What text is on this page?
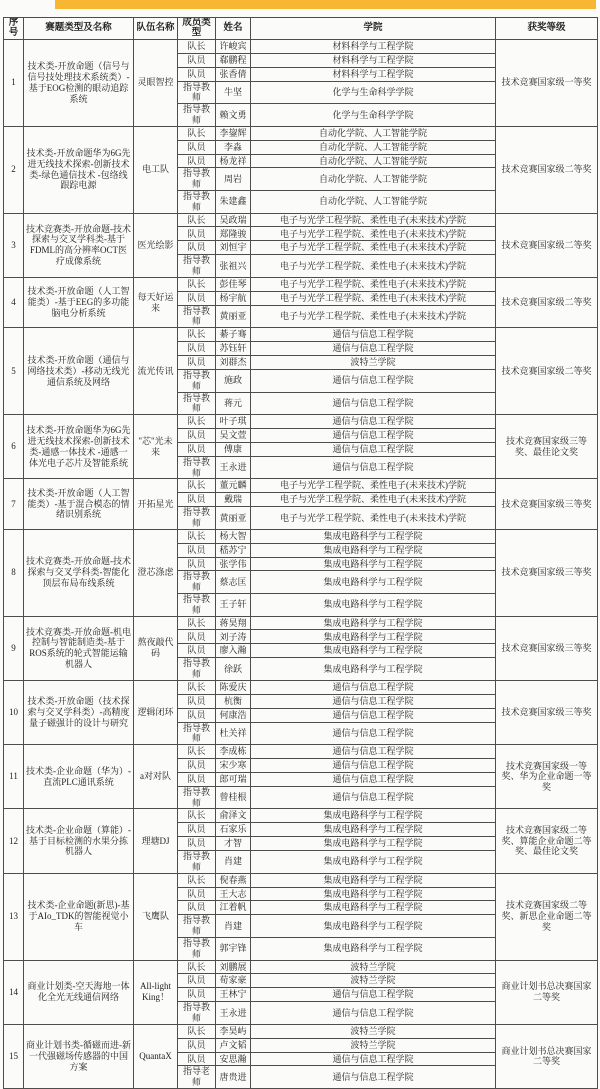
序号	赛题类型及名称	队伍名称	成员类型	姓名	学院	获奖等级
1	技术类-开放命题（信号与信号技处理技术系统类）-基于EOG检测的眼动追踪系统	灵眼智控	队长	许峻宾	材料科学与工程学院	技术竞赛国家级一等奖
			队员	郗鹏程	材料科学与工程学院	
			队员	张香倩	材料科学与工程学院	
			指导教师	牛坚	化学与生命科学学院	
			指导教师	赖文勇	化学与生命科学学院	
2	技术类-开放命题华为6G先进无线技术探索-创新技术类-绿色通信技术 -包络线跟踪电源	电工队	队长	李鋆辉	自动化学院、人工智能学院	技术竞赛国家级二等奖
			队员	李淼	自动化学院、人工智能学院	
			队员	杨龙祥	自动化学院、人工智能学院	
			指导教师	周岩	自动化学院、人工智能学院	
			指导教师	朱建鑫	自动化学院、人工智能学院	
3	技术竞赛类-开放命题-技术探索与交叉学科类-基于FDML的高分辨率OCT医疗成像系统	医光绘影	队长	吴政瑞	电子与光学工程学院、柔性电子(未来技术)学院	技术竞赛国家级二等奖
			队员	郑隆骏	电子与光学工程学院、柔性电子(未来技术)学院	
			队员	刘恒宇	电子与光学工程学院、柔性电子(未来技术)学院	
			指导教师	张祖兴	电子与光学工程学院、柔性电子(未来技术)学院	
4	技术类-开放命题（人工智能类）-基于EEG的多功能脑电分析系统	每天好运来	队长	彭佳琴	电子与光学工程学院、柔性电子(未来技术)学院	技术竞赛国家级二等奖
			队员	杨宇航	电子与光学工程学院、柔性电子(未来技术)学院	
			指导教师	黄丽亚	电子与光学工程学院、柔性电子(未来技术)学院	
5	技术类-开放命题（通信与网络技术类）-移动无线光通信系统及网络	流光传讯	队长	綦子骞	通信与信息工程学院	技术竞赛国家级二等奖
			队员	苏钰轩	通信与信息工程学院	
			队员	刘群杰	波特兰学院	
			指导教师	施政	通信与信息工程学院	
			指导教师	蒋元	通信与信息工程学院	
6	技术类-开放命题华为6G先进无线技术探索-创新技术类-通感一体技术 -通感一体光电子芯片及智能系统	"芯"光未来	队长	叶子琪	通信与信息工程学院	技术竞赛国家级三等奖、最佳论文奖
			队员	吴文萱	通信与信息工程学院	
			队员	傅康	通信与信息工程学院	
			指导教师	王永进	通信与信息工程学院	
7	技术类-开放命题（人工智能类）-基于混合模态的情绪识别系统	开拓星光	队长	董元麟	电子与光学工程学院、柔性电子(未来技术)学院	技术竞赛国家级三等奖
			队员	戴瑞	电子与光学工程学院、柔性电子(未来技术)学院	
			指导教师	黄丽亚	电子与光学工程学院、柔性电子(未来技术)学院	
8	技术竞赛类-开放命题-技术探索与交叉学科类-智能化顶层布局布线系统	澄芯涤虑	队长	杨大智	集成电路科学与工程学院	技术竞赛国家级三等奖
			队员	嵇苏宁	集成电路科学与工程学院	
			队员	张学伟	集成电路科学与工程学院	
			指导教师	蔡志匡	集成电路科学与工程学院	
			指导教师	王子轩	集成电路科学与工程学院	
9	技术竞赛类-开放命题-机电控制与智能制造类-基于ROS系统的轮式智能运输机器人	熬夜敲代码	队长	蒋昊翔	集成电路科学与工程学院	技术竞赛国家级三等奖
			队员	刘子涛	集成电路科学与工程学院	
			队员	廖入瀚	集成电路科学与工程学院	
			指导教师	徐跃	集成电路科学与工程学院	
10	技术类-开放命题（技术探索与交叉学科类）-高精度量子磁强计的设计与研究	逻辑闭环	队长	陈爱庆	通信与信息工程学院	技术竞赛国家级三等奖
			队员	杭衡	通信与信息工程学院	
			队员	何康浩	通信与信息工程学院	
			指导教师	杜关祥	通信与信息工程学院	
11	技术类-企业命题（华为）-直流PLC通讯系统	a对对队	队长	李成栋	通信与信息工程学院	技术竞赛国家级一等奖、华为企业命题一等奖
			队员	宋少寒	通信与信息工程学院	
			队员	郎可瑞	通信与信息工程学院	
			指导教师	曾桂根	通信与信息工程学院	
12	技术类-企业命题（算能）-基于目标检测的水果分拣机器人	理塘DJ	队长	俞泽文	集成电路科学与工程学院	技术竞赛国家级二等奖、算能企业命题二等奖、最佳论文奖
			队员	石家乐	集成电路科学与工程学院	
			队员	才智	集成电路科学与工程学院	
			指导教师	肖建	集成电路科学与工程学院	
13	技术类-企业命题(新思)-基于AIo_TDK的智能视觉小车	飞鹰队	队长	倪春燕	集成电路科学与工程学院	技术竞赛国家级二等奖、新思企业命题二等奖
			队员	王大志	集成电路科学与工程学院	
			队员	江着帆	集成电路科学与工程学院	
			指导教师	肖建	集成电路科学与工程学院	
			指导教师	郭宇锋	集成电路科学与工程学院	
14	商业计划类-空天海地一体化全光无线通信网络	All-light King！	队长	刘鹏展	波特兰学院	商业计划书总决赛国家二等奖
			队员	荀家豪	波特兰学院	
			队员	王林宁	通信与信息工程学院	
			指导教师	王永进	通信与信息工程学院	
15	商业计划书类-循磁而进-新一代强磁场传感器的中国方案	QuantaX	队长	李昊屿	波特兰学院	商业计划书总决赛国家二等奖
			队员	卢文韬	波特兰学院	
			队员	安思瀚	通信与信息工程学院	
			指导老师	唐贵进	通信与信息工程学院	
